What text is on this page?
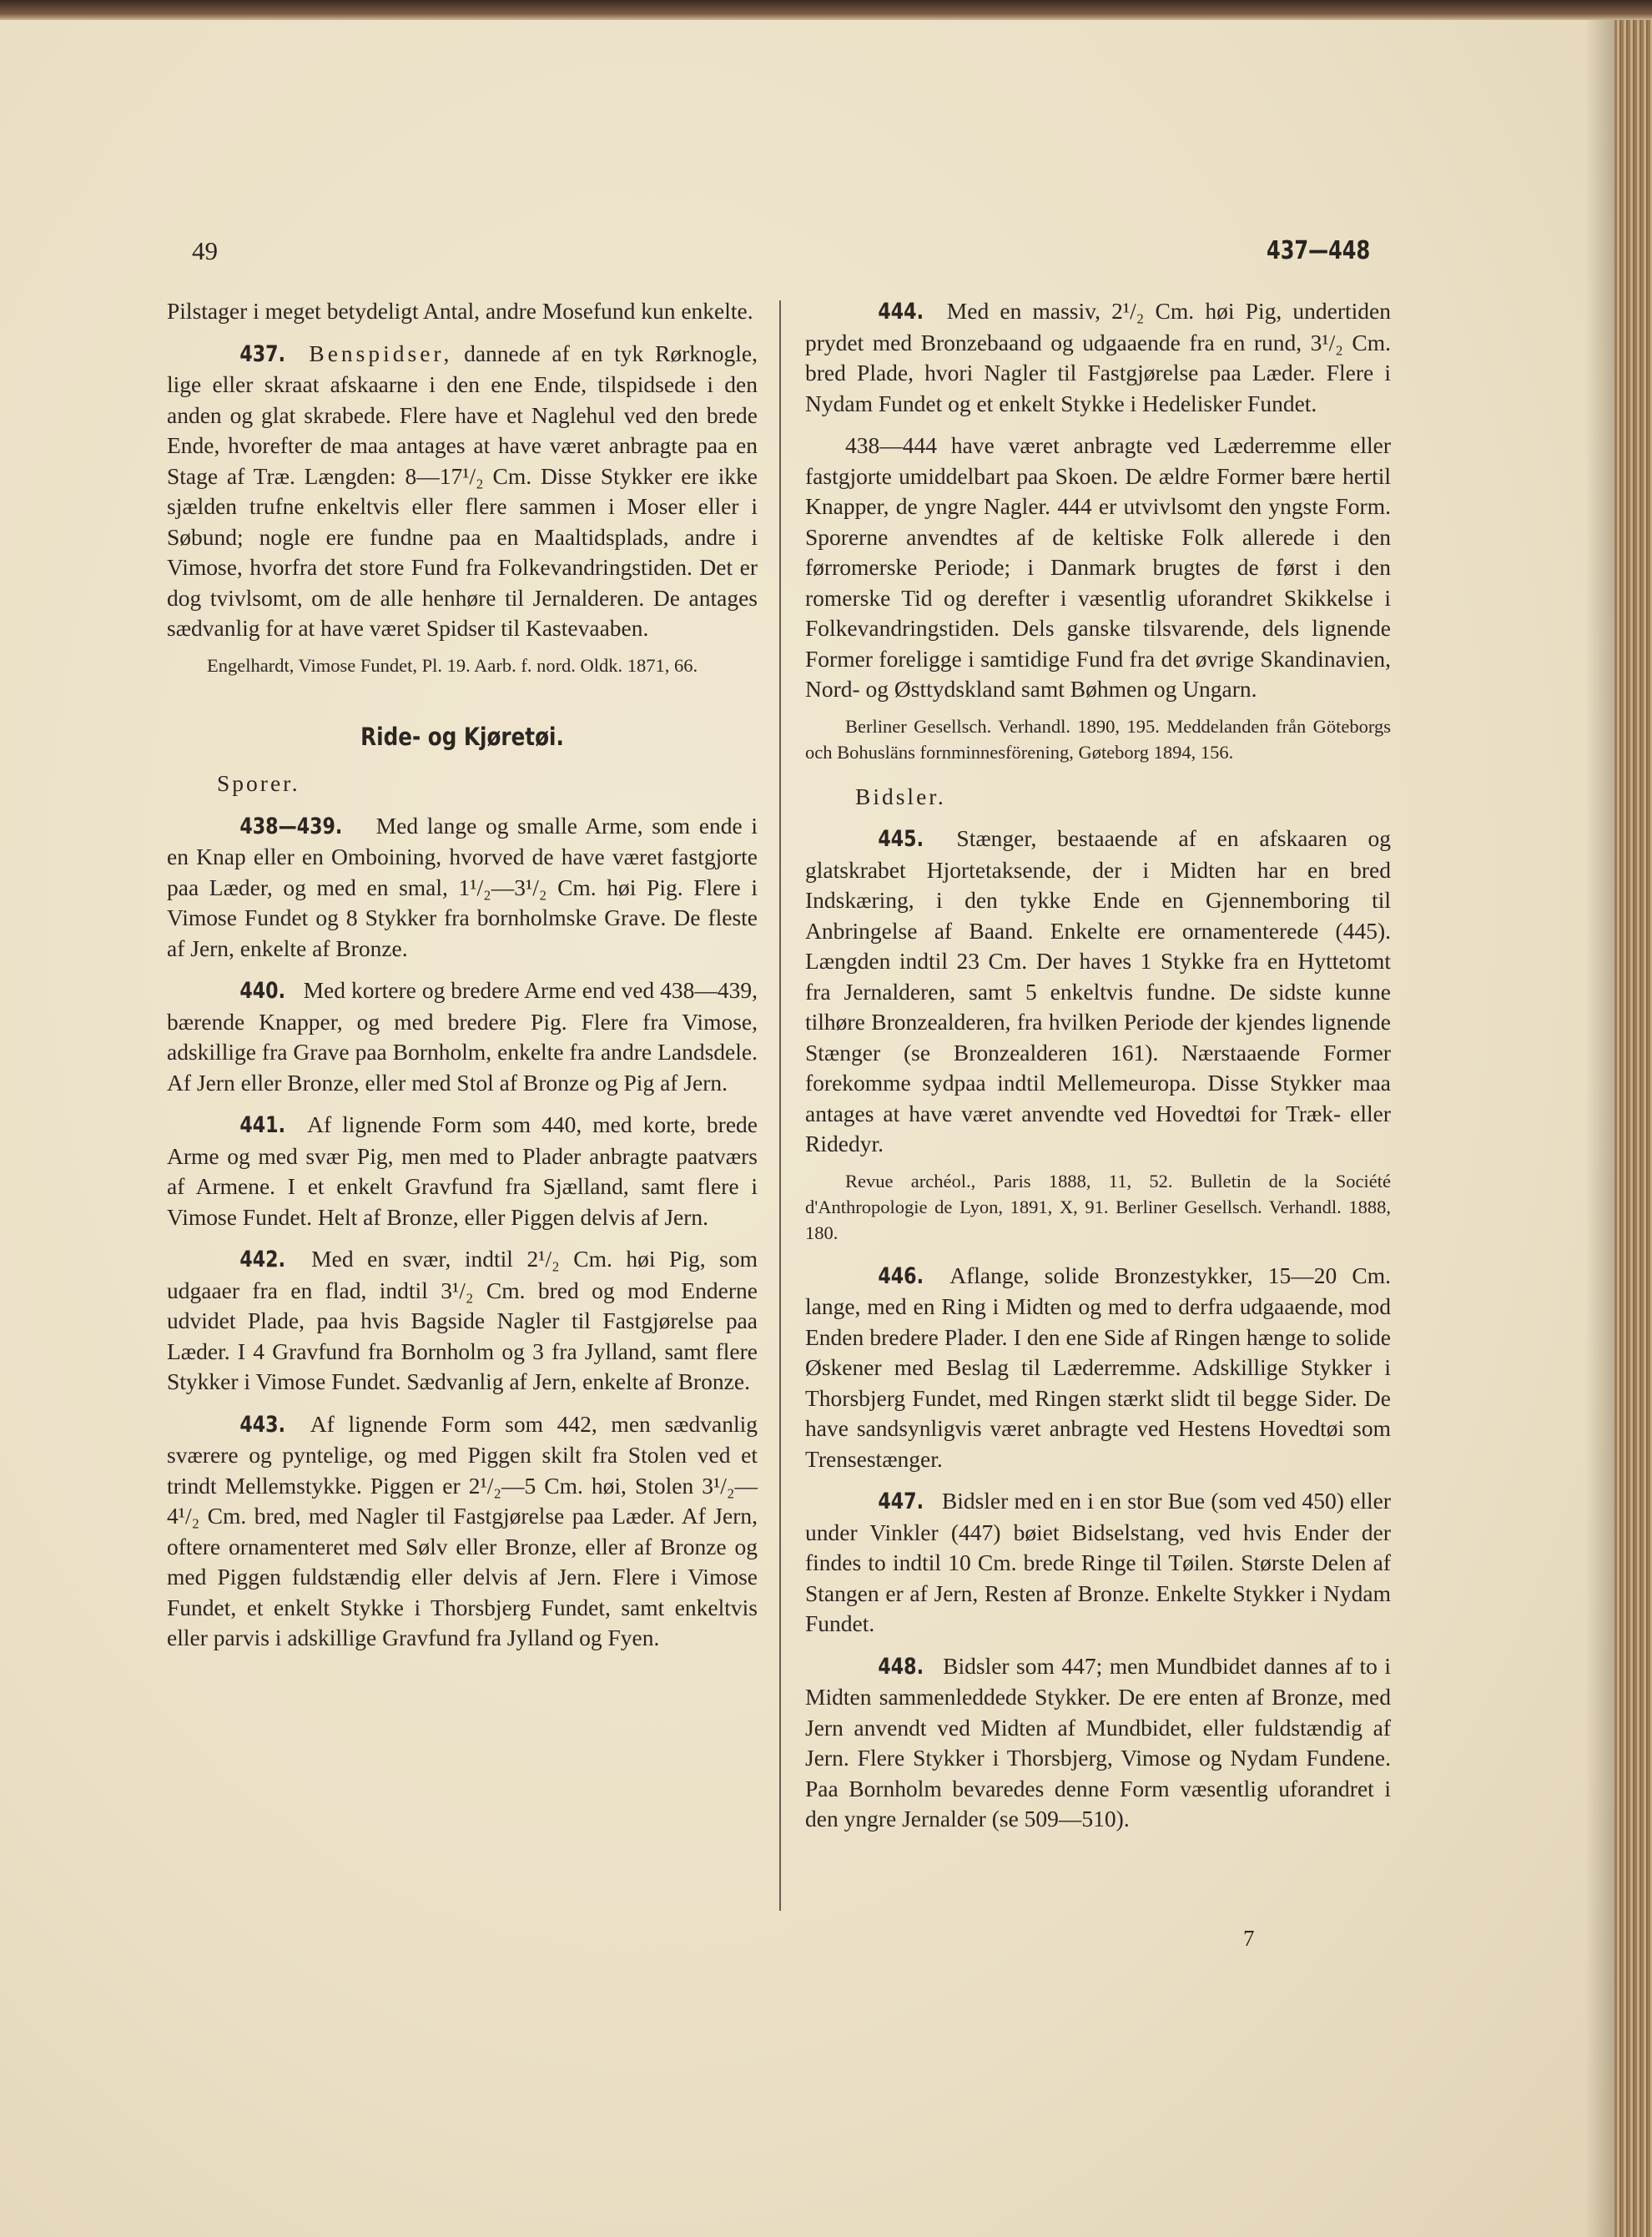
49	437—448

Pilstager i meget betydeligt Antal, andre Mosefund kun enkelte.

437. Benspidser, dannede af en tyk Rørknogle, lige eller skraat afskaarne i den ene Ende, tilspidsede i den anden og glat skrabede. Flere have et Naglehul ved den brede Ende, hvorefter de maa antages at have været anbragte paa en Stage af Træ. Længden: 8—17¹/₂ Cm. Disse Stykker ere ikke sjælden trufne enkeltvis eller flere sammen i Moser eller i Søbund; nogle ere fundne paa en Maaltidsplads, andre i Vimose, hvorfra det store Fund fra Folkevandringstiden. Det er dog tvivlsomt, om de alle henhøre til Jernalderen. De antages sædvanlig for at have været Spidser til Kastevaaben.

Engelhardt, Vimose Fundet, Pl. 19. Aarb. f. nord. Oldk. 1871, 66.

Ride- og Kjøretøi.
Sporer.

438—439. Med lange og smalle Arme, som ende i en Knap eller en Omboining, hvorved de have været fastgjorte paa Læder, og med en smal, 1¹/₂—3¹/₂ Cm. høi Pig. Flere i Vimose Fundet og 8 Stykker fra bornholmske Grave. De fleste af Jern, enkelte af Bronze.

440. Med kortere og bredere Arme end ved 438—439, bærende Knapper, og med bredere Pig. Flere fra Vimose, adskillige fra Grave paa Bornholm, enkelte fra andre Landsdele. Af Jern eller Bronze, eller med Stol af Bronze og Pig af Jern.

441. Af lignende Form som 440, med korte, brede Arme og med svær Pig, men med to Plader anbragte paatværs af Armene. I et enkelt Gravfund fra Sjælland, samt flere i Vimose Fundet. Helt af Bronze, eller Piggen delvis af Jern.

442. Med en svær, indtil 2¹/₂ Cm. høi Pig, som udgaaer fra en flad, indtil 3¹/₂ Cm. bred og mod Enderne udvidet Plade, paa hvis Bagside Nagler til Fastgjørelse paa Læder. I 4 Gravfund fra Bornholm og 3 fra Jylland, samt flere Stykker i Vimose Fundet. Sædvanlig af Jern, enkelte af Bronze.

443. Af lignende Form som 442, men sædvanlig sværere og pyntelige, og med Piggen skilt fra Stolen ved et trindt Mellemstykke. Piggen er 2¹/₂—5 Cm. høi, Stolen 3¹/₂—4¹/₂ Cm. bred, med Nagler til Fastgjørelse paa Læder. Af Jern, oftere ornamenteret med Sølv eller Bronze, eller af Bronze og med Piggen fuldstændig eller delvis af Jern. Flere i Vimose Fundet, et enkelt Stykke i Thorsbjerg Fundet, samt enkeltvis eller parvis i adskillige Gravfund fra Jylland og Fyen.

444. Med en massiv, 2¹/₂ Cm. høi Pig, undertiden prydet med Bronzebaand og udgaaende fra en rund, 3¹/₂ Cm. bred Plade, hvori Nagler til Fastgjørelse paa Læder. Flere i Nydam Fundet og et enkelt Stykke i Hedelisker Fundet.

438—444 have været anbragte ved Læderremme eller fastgjorte umiddelbart paa Skoen. De ældre Former bære hertil Knapper, de yngre Nagler. 444 er utvivlsomt den yngste Form. Sporerne anvendtes af de keltiske Folk allerede i den førromerske Periode; i Danmark brugtes de først i den romerske Tid og derefter i væsentlig uforandret Skikkelse i Folkevandringstiden. Dels ganske tilsvarende, dels lignende Former foreligge i samtidige Fund fra det øvrige Skandinavien, Nord- og Østtydskland samt Bøhmen og Ungarn.

Berliner Gesellsch. Verhandl. 1890, 195. Meddelanden från Göteborgs och Bohusläns fornminnesförening, Gøteborg 1894, 156.

Bidsler.

445. Stænger, bestaaende af en afskaaren og glatskrabet Hjortetaksende, der i Midten har en bred Indskæring, i den tykke Ende en Gjennemboring til Anbringelse af Baand. Enkelte ere ornamenterede (445). Længden indtil 23 Cm. Der haves 1 Stykke fra en Hyttetomt fra Jernalderen, samt 5 enkeltvis fundne. De sidste kunne tilhøre Bronzealderen, fra hvilken Periode der kjendes lignende Stænger (se Bronzealderen 161). Nærstaaende Former forekomme sydpaa indtil Mellemeuropa. Disse Stykker maa antages at have været anvendte ved Hovedtøi for Træk- eller Ridedyr.

Revue archéol., Paris 1888, 11, 52. Bulletin de la Société d'Anthropologie de Lyon, 1891, X, 91. Berliner Gesellsch. Verhandl. 1888, 180.

446. Aflange, solide Bronzestykker, 15—20 Cm. lange, med en Ring i Midten og med to derfra udgaaende, mod Enden bredere Plader. I den ene Side af Ringen hænge to solide Øskener med Beslag til Læderremme. Adskillige Stykker i Thorsbjerg Fundet, med Ringen stærkt slidt til begge Sider. De have sandsynligvis været anbragte ved Hestens Hovedtøi som Trensestænger.

447. Bidsler med en i en stor Bue (som ved 450) eller under Vinkler (447) bøiet Bidselstang, ved hvis Ender der findes to indtil 10 Cm. brede Ringe til Tøilen. Største Delen af Stangen er af Jern, Resten af Bronze. Enkelte Stykker i Nydam Fundet.

448. Bidsler som 447; men Mundbidet dannes af to i Midten sammenleddede Stykker. De ere enten af Bronze, med Jern anvendt ved Midten af Mundbidet, eller fuldstændig af Jern. Flere Stykker i Thorsbjerg, Vimose og Nydam Fundene. Paa Bornholm bevaredes denne Form væsentlig uforandret i den yngre Jernalder (se 509—510).

7
